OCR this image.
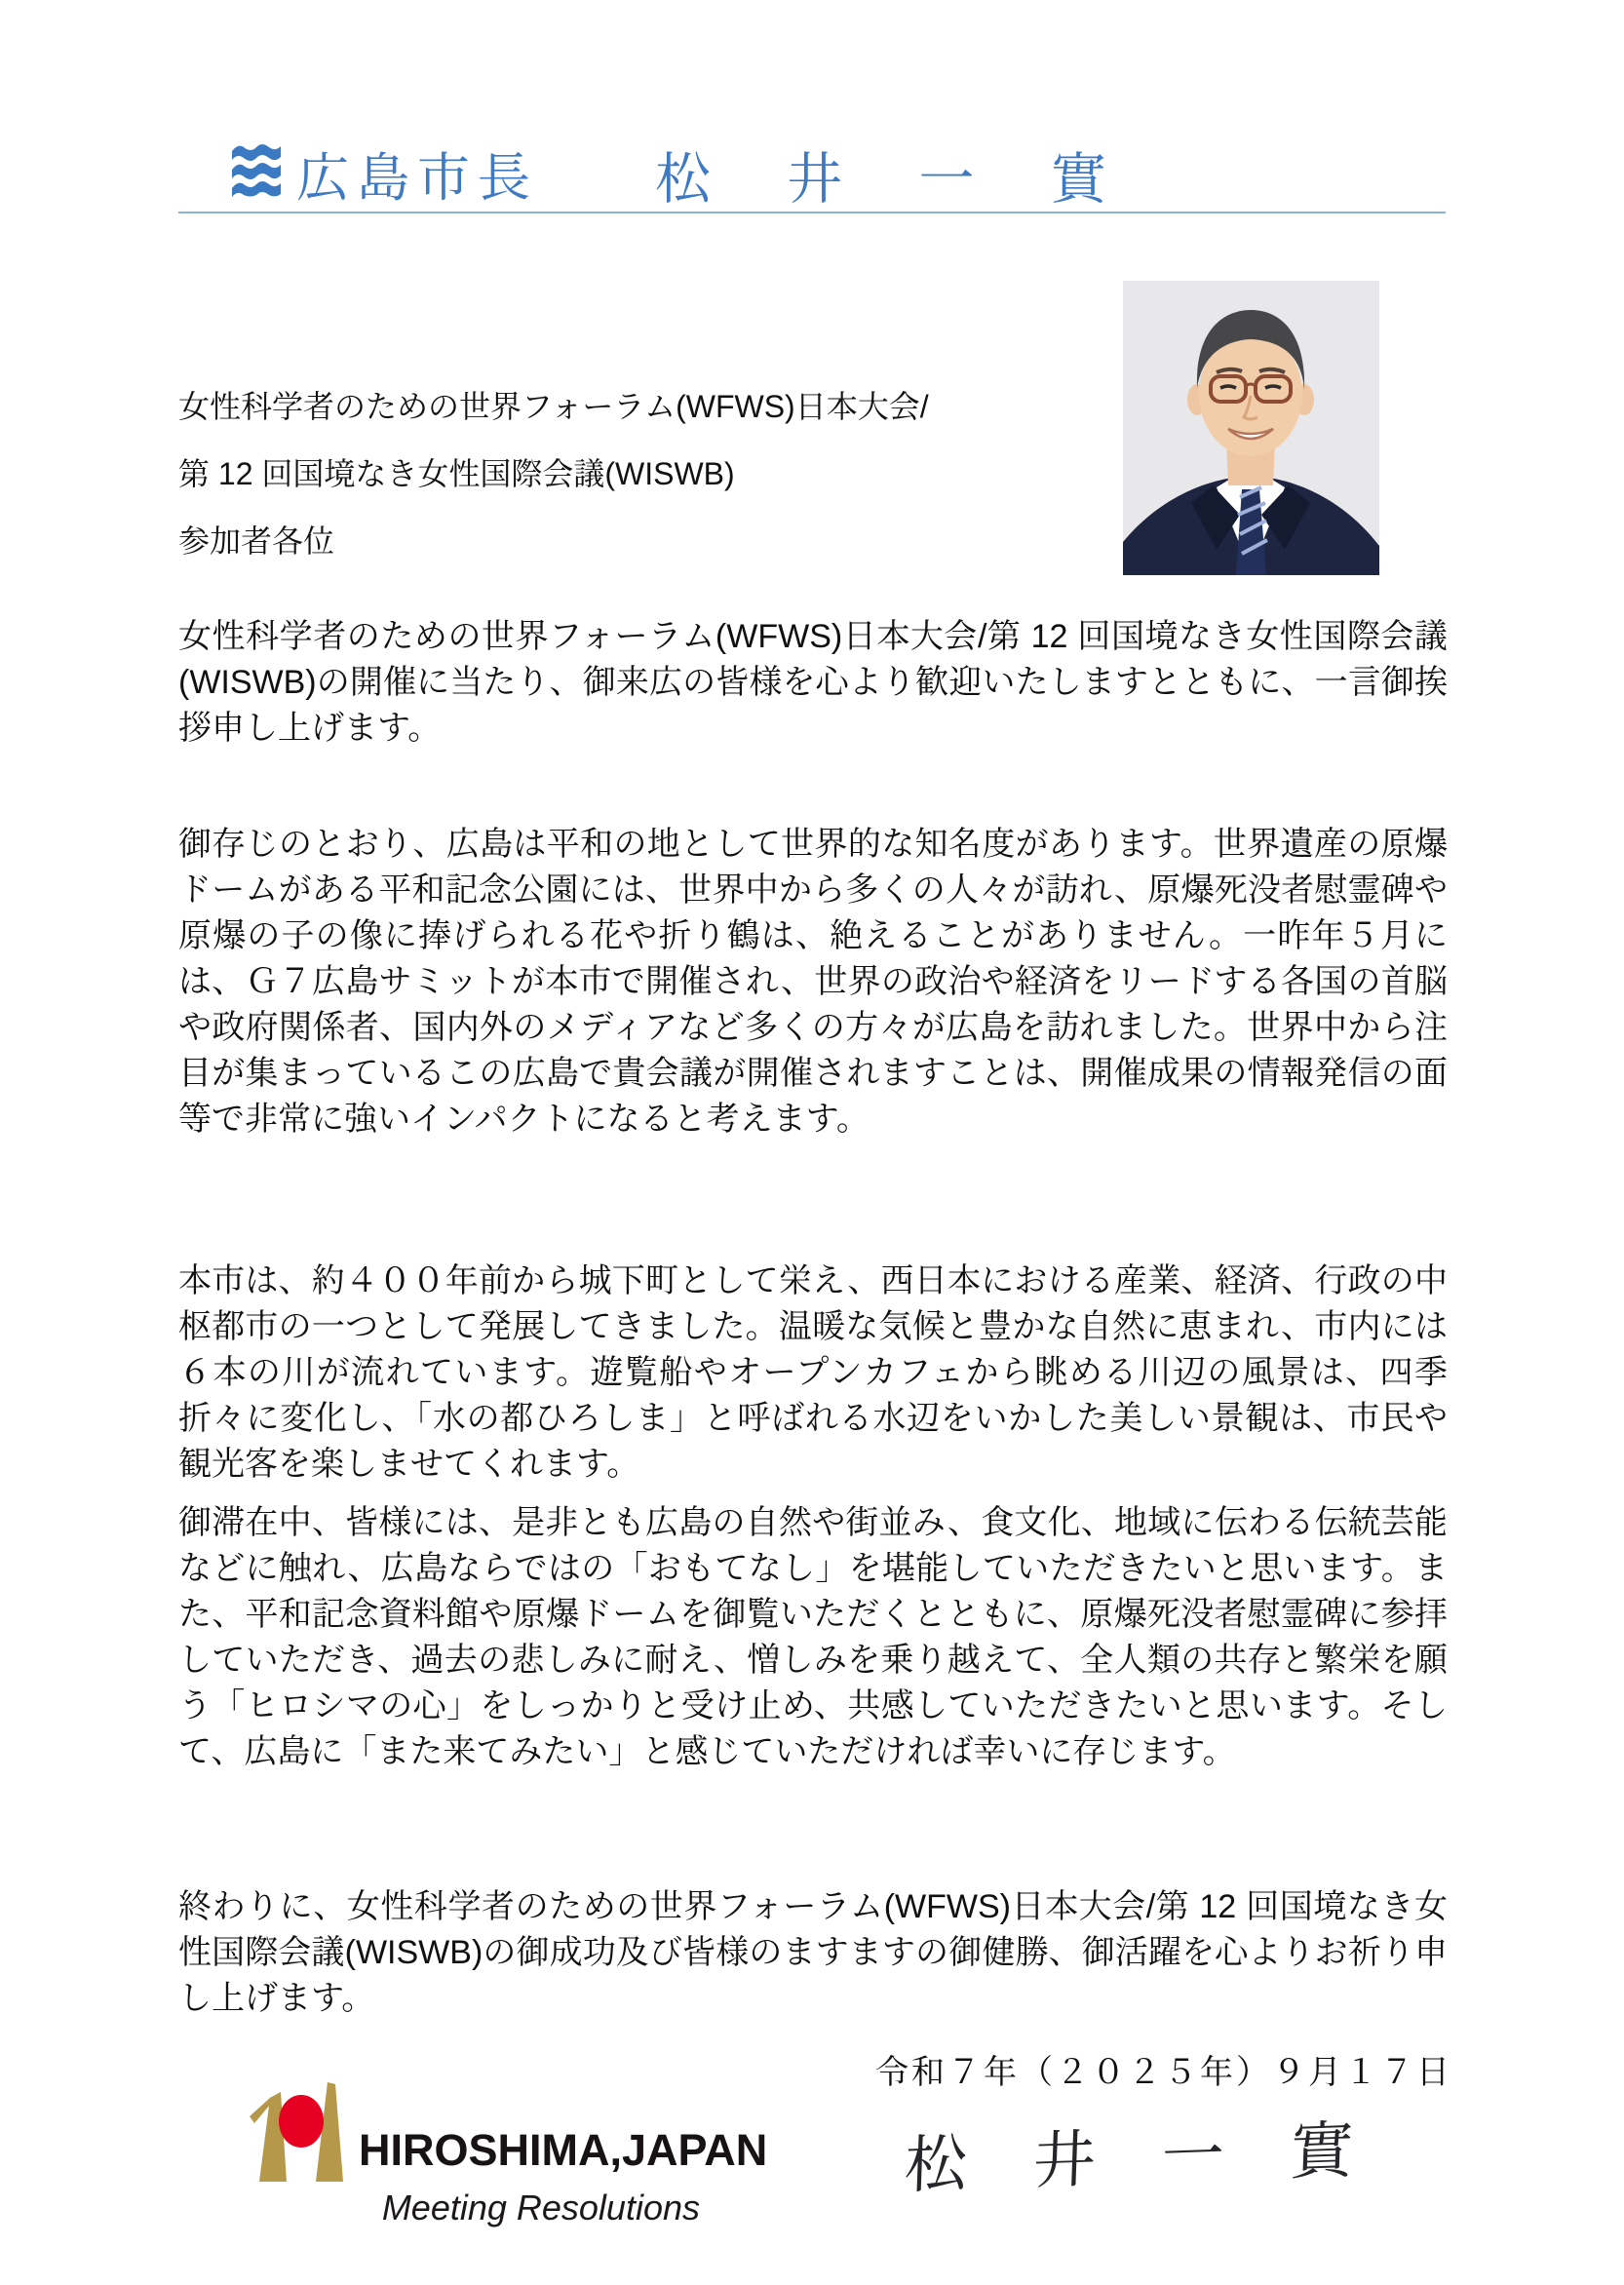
広島市長 松 井 一 實
女性科学者のための世界フォーラム(WFWS)日本大会/
第 12 回国境なき女性国際会議(WISWB)
参加者各位

女性科学者のための世界フォーラム(WFWS)日本大会/第 12 回国境なき女性国際会議(WISWB)の開催に当たり、御来広の皆様を心より歓迎いたしますとともに、一言御挨拶申し上げます。

御存じのとおり、広島は平和の地として世界的な知名度があります。世界遺産の原爆ドームがある平和記念公園には、世界中から多くの人々が訪れ、原爆死没者慰霊碑や原爆の子の像に捧げられる花や折り鶴は、絶えることがありません。一昨年５月には、Ｇ７広島サミットが本市で開催され、世界の政治や経済をリードする各国の首脳や政府関係者、国内外のメディアなど多くの方々が広島を訪れました。世界中から注目が集まっているこの広島で貴会議が開催されますことは、開催成果の情報発信の面等で非常に強いインパクトになると考えます。

本市は、約４００年前から城下町として栄え、西日本における産業、経済、行政の中枢都市の一つとして発展してきました。温暖な気候と豊かな自然に恵まれ、市内には６本の川が流れています。遊覧船やオープンカフェから眺める川辺の風景は、四季折々に変化し、「水の都ひろしま」と呼ばれる水辺をいかした美しい景観は、市民や観光客を楽しませてくれます。

御滞在中、皆様には、是非とも広島の自然や街並み、食文化、地域に伝わる伝統芸能などに触れ、広島ならではの「おもてなし」を堪能していただきたいと思います。また、平和記念資料館や原爆ドームを御覧いただくとともに、原爆死没者慰霊碑に参拝していただき、過去の悲しみに耐え、憎しみを乗り越えて、全人類の共存と繁栄を願う「ヒロシマの心」をしっかりと受け止め、共感していただきたいと思います。そして、広島に「また来てみたい」と感じていただければ幸いに存じます。

終わりに、女性科学者のための世界フォーラム(WFWS)日本大会/第 12 回国境なき女性国際会議(WISWB)の御成功及び皆様のますますの御健勝、御活躍を心よりお祈り申し上げます。

令和７年（２０２５年）９月１７日
HIROSHIMA,JAPAN
Meeting Resolutions
松 井 一 實
